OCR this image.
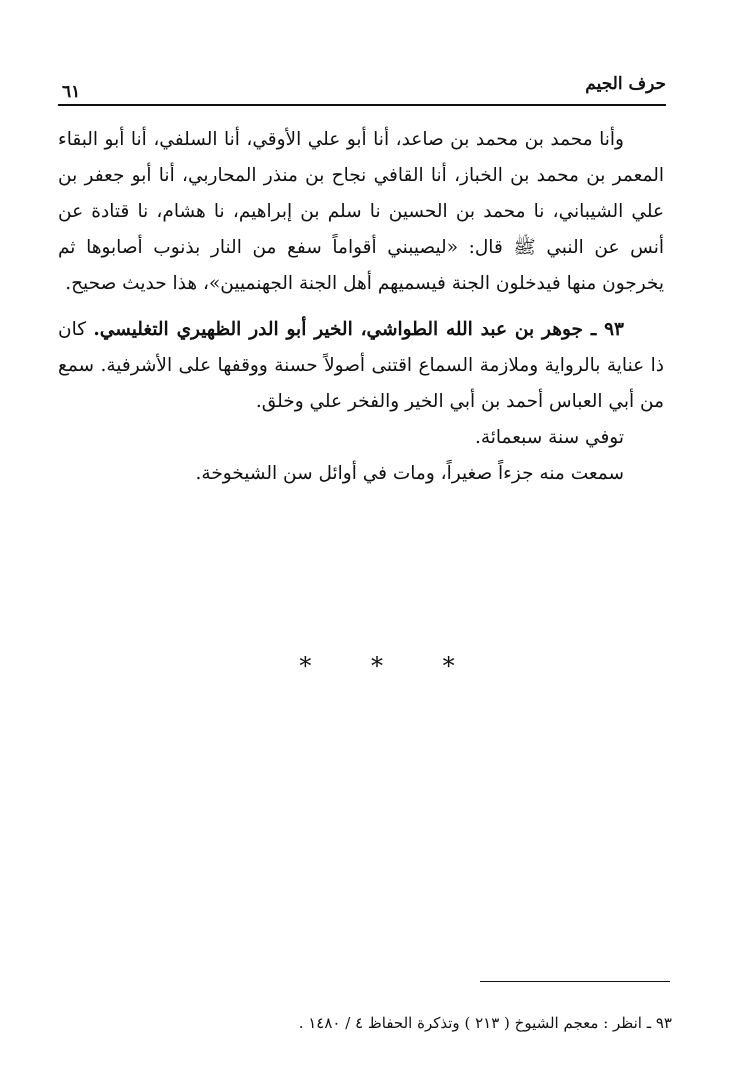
حرف الجيم
٦١

وأنا محمد بن محمد بن صاعد، أنا أبو علي الأوقي، أنا السلفي، أنا أبو البقاء المعمر بن محمد بن الخباز، أنا القافي نجاح بن منذر المحاربي، أنا أبو جعفر بن علي الشيباني، نا محمد بن الحسين نا سلم بن إبراهيم، نا هشام، نا قتادة عن أنس عن النبي ﷺ قال: «ليصيبني أقواماً سفع من النار بذنوب أصابوها ثم يخرجون منها فيدخلون الجنة فيسميهم أهل الجنة الجهنميين»، هذا حديث صحيح.

٩٣ ـ جوهر بن عبد الله الطواشي، الخير أبو الدر الظهيري التغليسي. كان ذا عناية بالرواية وملازمة السماع اقتنى أصولاً حسنة ووقفها على الأشرفية. سمع من أبي العباس أحمد بن أبي الخير والفخر علي وخلق.

توفي سنة سبعمائة.

سمعت منه جزءاً صغيراً، ومات في أوائل سن الشيخوخة.

* * *
٩٣ ـ انظر : معجم الشيوخ ( ٢١٣ ) وتذكرة الحفاظ ٤ / ١٤٨٠ .
